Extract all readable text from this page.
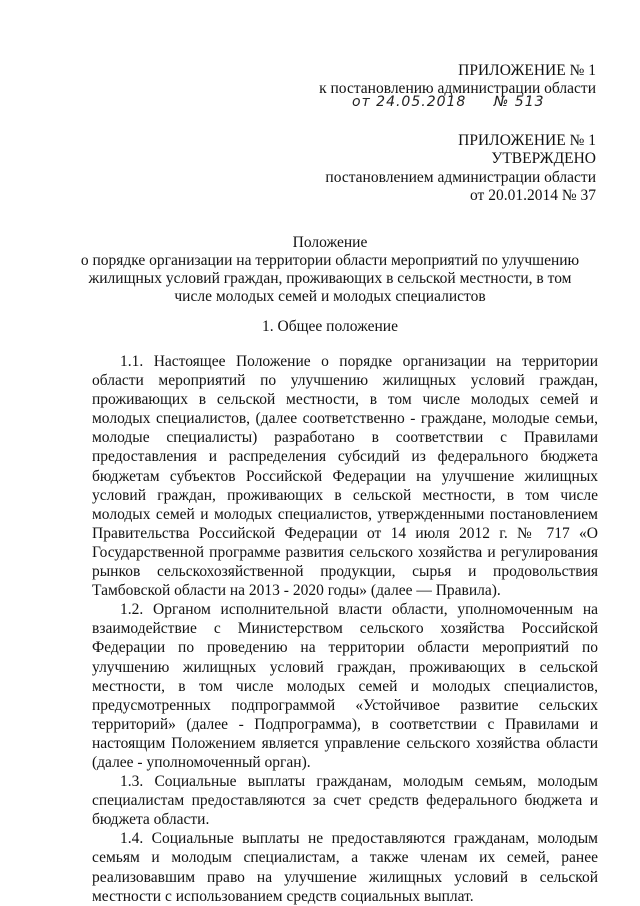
ПРИЛОЖЕНИЕ № 1
к постановлению администрации области
от 24.05.2018 № 513
ПРИЛОЖЕНИЕ № 1
УТВЕРЖДЕНО
постановлением администрации области
от 20.01.2014 № 37
Положение
о порядке организации на территории области мероприятий по улучшению
жилищных условий граждан, проживающих в сельской местности, в том
числе молодых семей и молодых специалистов
1. Общее положение

1.1. Настоящее Положение о порядке организации на территории области мероприятий по улучшению жилищных условий граждан, проживающих в сельской местности, в том числе молодых семей и молодых специалистов, (далее соответственно - граждане, молодые семьи, молодые специалисты) разработано в соответствии с Правилами предоставления и распределения субсидий из федерального бюджета бюджетам субъектов Российской Федерации на улучшение жилищных условий граждан, проживающих в сельской местности, в том числе молодых семей и молодых специалистов, утвержденными постановлением Правительства Российской Федерации от 14 июля 2012 г. № 717 «О Государственной программе развития сельского хозяйства и регулирования рынков сельскохозяйственной продукции, сырья и продовольствия Тамбовской области на 2013 - 2020 годы» (далее — Правила).

1.2. Органом исполнительной власти области, уполномоченным на взаимодействие с Министерством сельского хозяйства Российской Федерации по проведению на территории области мероприятий по улучшению жилищных условий граждан, проживающих в сельской местности, в том числе молодых семей и молодых специалистов, предусмотренных подпрограммой «Устойчивое развитие сельских территорий» (далее - Подпрограмма), в соответствии с Правилами и настоящим Положением является управление сельского хозяйства области (далее - уполномоченный орган).

1.3. Социальные выплаты гражданам, молодым семьям, молодым специалистам предоставляются за счет средств федерального бюджета и бюджета области.

1.4. Социальные выплаты не предоставляются гражданам, молодым семьям и молодым специалистам, а также членам их семей, ранее реализовавшим право на улучшение жилищных условий в сельской местности с использованием средств социальных выплат.
